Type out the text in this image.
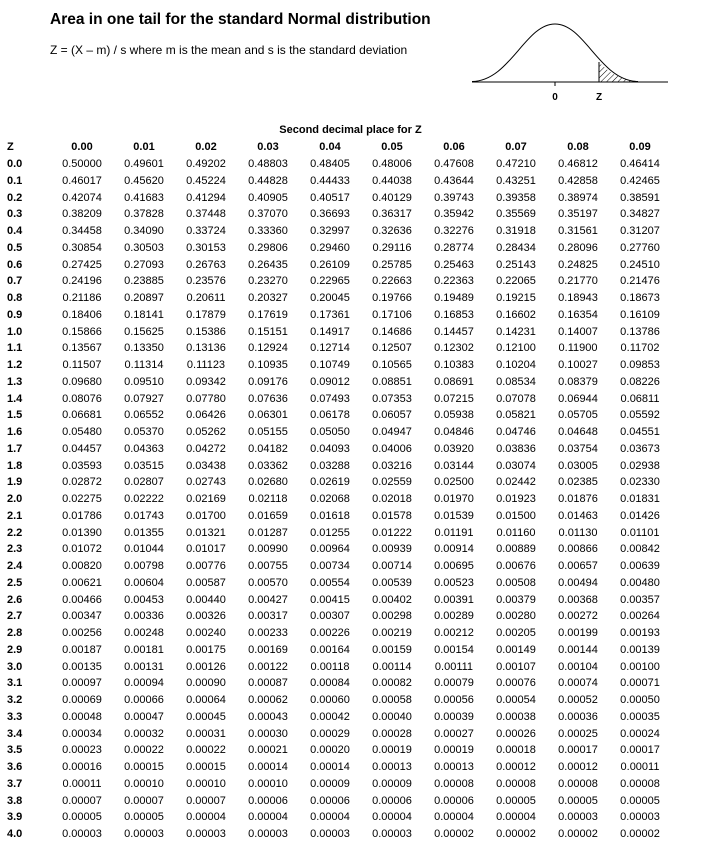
Area in one tail for the standard Normal distribution
Z = (X – m) / s where m is the mean and s is the standard deviation
0	Z
Second decimal place for Z
Z	0.00	0.01	0.02	0.03	0.04	0.05	0.06	0.07	0.08	0.09
0.0	0.50000	0.49601	0.49202	0.48803	0.48405	0.48006	0.47608	0.47210	0.46812	0.46414
0.1	0.46017	0.45620	0.45224	0.44828	0.44433	0.44038	0.43644	0.43251	0.42858	0.42465
0.2	0.42074	0.41683	0.41294	0.40905	0.40517	0.40129	0.39743	0.39358	0.38974	0.38591
0.3	0.38209	0.37828	0.37448	0.37070	0.36693	0.36317	0.35942	0.35569	0.35197	0.34827
0.4	0.34458	0.34090	0.33724	0.33360	0.32997	0.32636	0.32276	0.31918	0.31561	0.31207
0.5	0.30854	0.30503	0.30153	0.29806	0.29460	0.29116	0.28774	0.28434	0.28096	0.27760
0.6	0.27425	0.27093	0.26763	0.26435	0.26109	0.25785	0.25463	0.25143	0.24825	0.24510
0.7	0.24196	0.23885	0.23576	0.23270	0.22965	0.22663	0.22363	0.22065	0.21770	0.21476
0.8	0.21186	0.20897	0.20611	0.20327	0.20045	0.19766	0.19489	0.19215	0.18943	0.18673
0.9	0.18406	0.18141	0.17879	0.17619	0.17361	0.17106	0.16853	0.16602	0.16354	0.16109
1.0	0.15866	0.15625	0.15386	0.15151	0.14917	0.14686	0.14457	0.14231	0.14007	0.13786
1.1	0.13567	0.13350	0.13136	0.12924	0.12714	0.12507	0.12302	0.12100	0.11900	0.11702
1.2	0.11507	0.11314	0.11123	0.10935	0.10749	0.10565	0.10383	0.10204	0.10027	0.09853
1.3	0.09680	0.09510	0.09342	0.09176	0.09012	0.08851	0.08691	0.08534	0.08379	0.08226
1.4	0.08076	0.07927	0.07780	0.07636	0.07493	0.07353	0.07215	0.07078	0.06944	0.06811
1.5	0.06681	0.06552	0.06426	0.06301	0.06178	0.06057	0.05938	0.05821	0.05705	0.05592
1.6	0.05480	0.05370	0.05262	0.05155	0.05050	0.04947	0.04846	0.04746	0.04648	0.04551
1.7	0.04457	0.04363	0.04272	0.04182	0.04093	0.04006	0.03920	0.03836	0.03754	0.03673
1.8	0.03593	0.03515	0.03438	0.03362	0.03288	0.03216	0.03144	0.03074	0.03005	0.02938
1.9	0.02872	0.02807	0.02743	0.02680	0.02619	0.02559	0.02500	0.02442	0.02385	0.02330
2.0	0.02275	0.02222	0.02169	0.02118	0.02068	0.02018	0.01970	0.01923	0.01876	0.01831
2.1	0.01786	0.01743	0.01700	0.01659	0.01618	0.01578	0.01539	0.01500	0.01463	0.01426
2.2	0.01390	0.01355	0.01321	0.01287	0.01255	0.01222	0.01191	0.01160	0.01130	0.01101
2.3	0.01072	0.01044	0.01017	0.00990	0.00964	0.00939	0.00914	0.00889	0.00866	0.00842
2.4	0.00820	0.00798	0.00776	0.00755	0.00734	0.00714	0.00695	0.00676	0.00657	0.00639
2.5	0.00621	0.00604	0.00587	0.00570	0.00554	0.00539	0.00523	0.00508	0.00494	0.00480
2.6	0.00466	0.00453	0.00440	0.00427	0.00415	0.00402	0.00391	0.00379	0.00368	0.00357
2.7	0.00347	0.00336	0.00326	0.00317	0.00307	0.00298	0.00289	0.00280	0.00272	0.00264
2.8	0.00256	0.00248	0.00240	0.00233	0.00226	0.00219	0.00212	0.00205	0.00199	0.00193
2.9	0.00187	0.00181	0.00175	0.00169	0.00164	0.00159	0.00154	0.00149	0.00144	0.00139
3.0	0.00135	0.00131	0.00126	0.00122	0.00118	0.00114	0.00111	0.00107	0.00104	0.00100
3.1	0.00097	0.00094	0.00090	0.00087	0.00084	0.00082	0.00079	0.00076	0.00074	0.00071
3.2	0.00069	0.00066	0.00064	0.00062	0.00060	0.00058	0.00056	0.00054	0.00052	0.00050
3.3	0.00048	0.00047	0.00045	0.00043	0.00042	0.00040	0.00039	0.00038	0.00036	0.00035
3.4	0.00034	0.00032	0.00031	0.00030	0.00029	0.00028	0.00027	0.00026	0.00025	0.00024
3.5	0.00023	0.00022	0.00022	0.00021	0.00020	0.00019	0.00019	0.00018	0.00017	0.00017
3.6	0.00016	0.00015	0.00015	0.00014	0.00014	0.00013	0.00013	0.00012	0.00012	0.00011
3.7	0.00011	0.00010	0.00010	0.00010	0.00009	0.00009	0.00008	0.00008	0.00008	0.00008
3.8	0.00007	0.00007	0.00007	0.00006	0.00006	0.00006	0.00006	0.00005	0.00005	0.00005
3.9	0.00005	0.00005	0.00004	0.00004	0.00004	0.00004	0.00004	0.00004	0.00003	0.00003
4.0	0.00003	0.00003	0.00003	0.00003	0.00003	0.00003	0.00002	0.00002	0.00002	0.00002
